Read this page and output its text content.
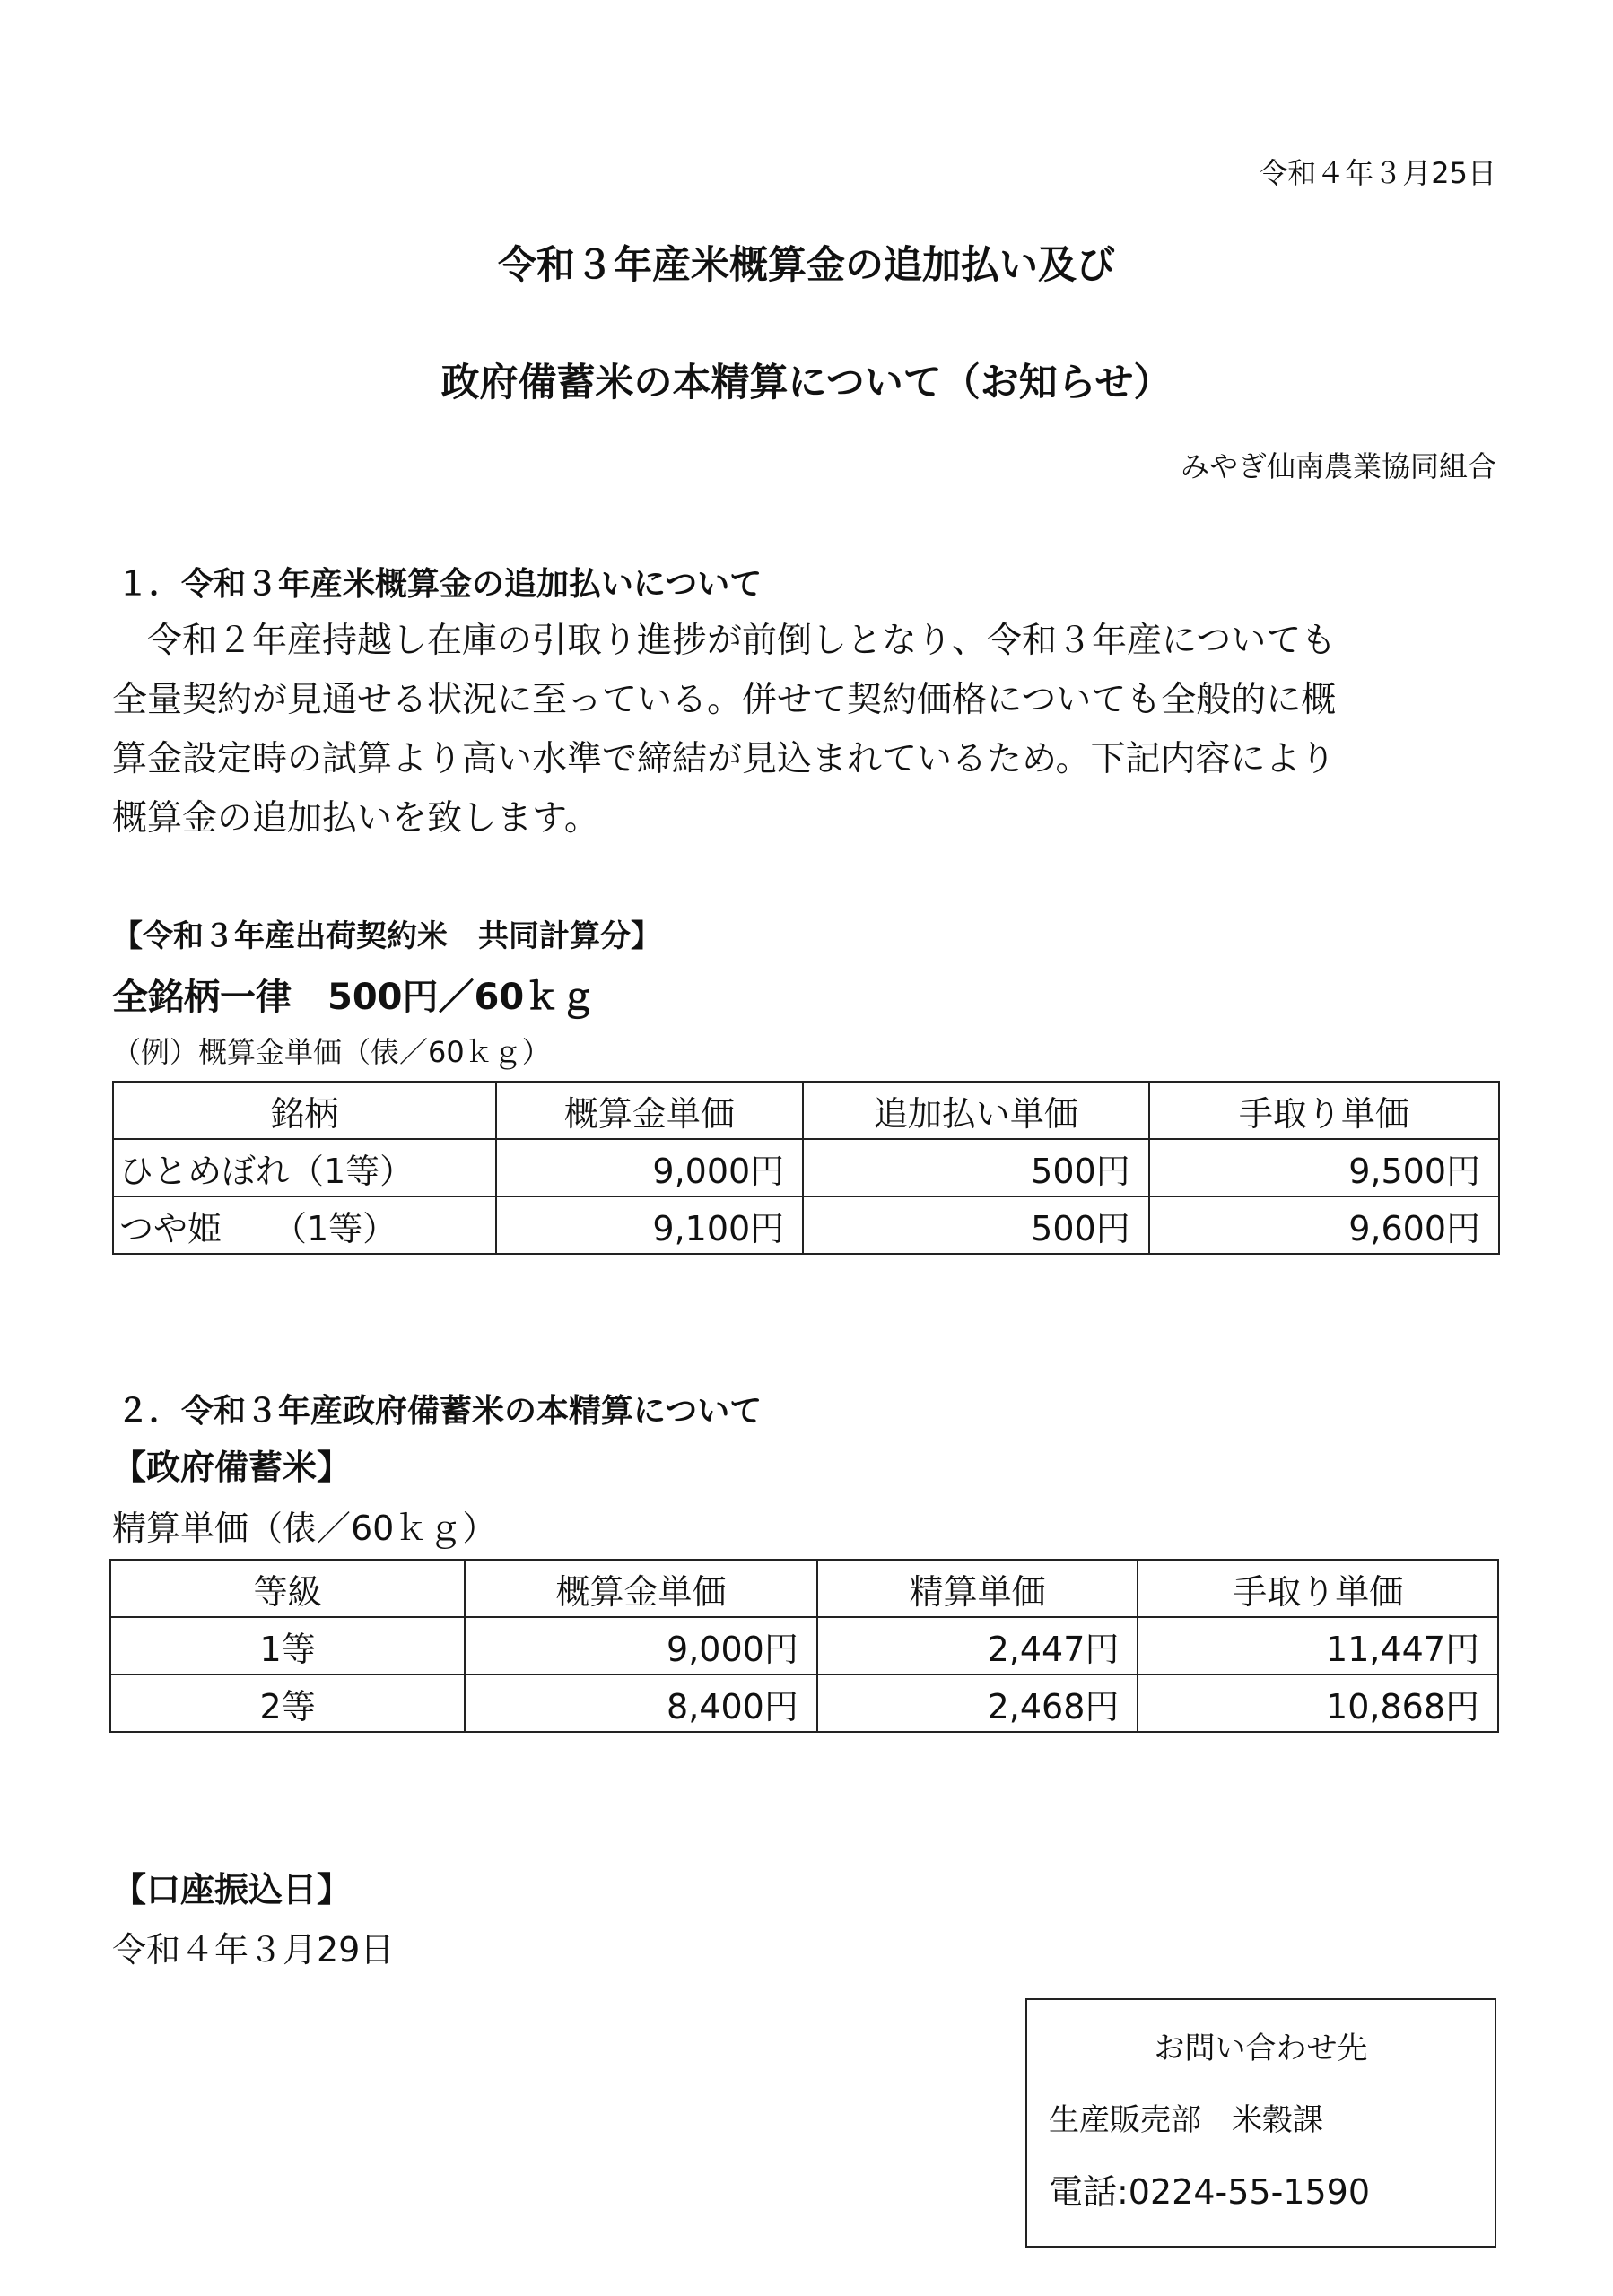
令和４年３月25日
令和３年産米概算金の追加払い及び
政府備蓄米の本精算について（お知らせ）
みやぎ仙南農業協同組合
１．令和３年産米概算金の追加払いについて

令和２年産持越し在庫の引取り進捗が前倒しとなり、令和３年産についても

全量契約が見通せる状況に至っている。併せて契約価格についても全般的に概

算金設定時の試算より高い水準で締結が見込まれているため。下記内容により

概算金の追加払いを致します。

【令和３年産出荷契約米　共同計算分】
全銘柄一律　500円／60ｋｇ
（例）概算金単価（俵／60ｋｇ）
銘柄	概算金単価	追加払い単価	手取り単価
ひとめぼれ（1等）	9,000円	500円	9,500円
つや姫　　（1等）	9,100円	500円	9,600円
２．令和３年産政府備蓄米の本精算について
【政府備蓄米】
精算単価（俵／60ｋｇ）
等級	概算金単価	精算単価	手取り単価
1等	9,000円	2,447円	11,447円
2等	8,400円	2,468円	10,868円
【口座振込日】
令和４年３月29日
お問い合わせ先
生産販売部　米穀課
電話:0224-55-1590
